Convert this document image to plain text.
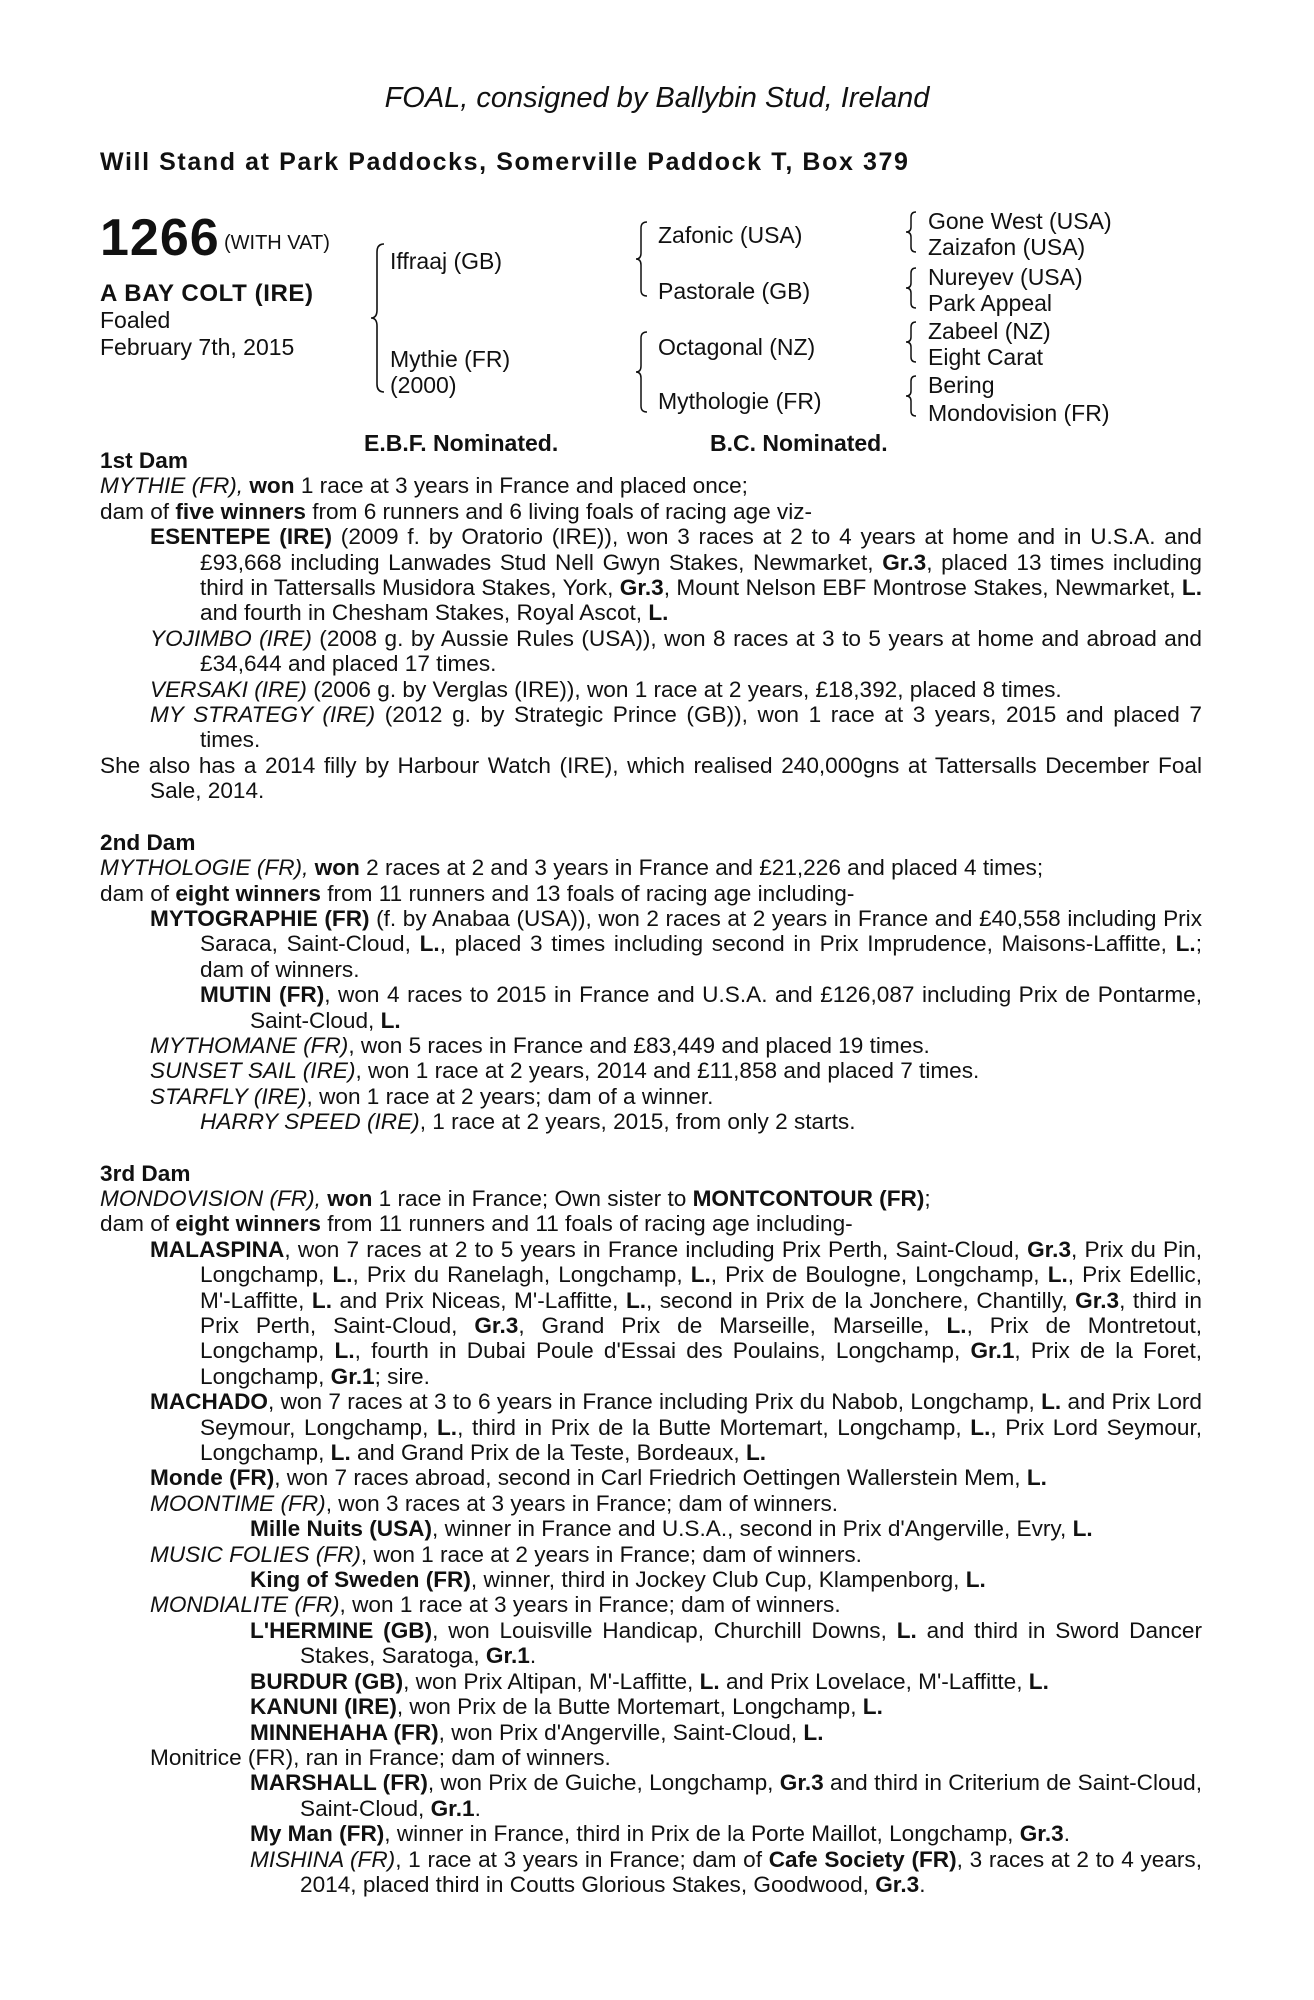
FOAL, consigned by Ballybin Stud, Ireland
Will Stand at Park Paddocks, Somerville Paddock T, Box 379
1266 (WITH VAT)
A BAY COLT (IRE)
Foaled
February 7th, 2015
Iffraaj (GB)
Mythie (FR)
(2000)
Zafonic (USA)
Pastorale (GB)
Octagonal (NZ)
Mythologie (FR)
Gone West (USA)
Zaizafon (USA)
Nureyev (USA)
Park Appeal
Zabeel (NZ)
Eight Carat
Bering
Mondovision (FR)
E.B.F. Nominated.	B.C. Nominated.

1st Dam

MYTHIE (FR), won 1 race at 3 years in France and placed once;

dam of five winners from 6 runners and 6 living foals of racing age viz-

ESENTEPE (IRE) (2009 f. by Oratorio (IRE)), won 3 races at 2 to 4 years at home and in U.S.A. and £93,668 including Lanwades Stud Nell Gwyn Stakes, Newmarket, Gr.3, placed 13 times including third in Tattersalls Musidora Stakes, York, Gr.3, Mount Nelson EBF Montrose Stakes, Newmarket, L. and fourth in Chesham Stakes, Royal Ascot, L.

YOJIMBO (IRE) (2008 g. by Aussie Rules (USA)), won 8 races at 3 to 5 years at home and abroad and £34,644 and placed 17 times.

VERSAKI (IRE) (2006 g. by Verglas (IRE)), won 1 race at 2 years, £18,392, placed 8 times.

MY STRATEGY (IRE) (2012 g. by Strategic Prince (GB)), won 1 race at 3 years, 2015 and placed 7 times.

She also has a 2014 filly by Harbour Watch (IRE), which realised 240,000gns at Tattersalls December Foal Sale, 2014.

2nd Dam

MYTHOLOGIE (FR), won 2 races at 2 and 3 years in France and £21,226 and placed 4 times;

dam of eight winners from 11 runners and 13 foals of racing age including-

MYTOGRAPHIE (FR) (f. by Anabaa (USA)), won 2 races at 2 years in France and £40,558 including Prix Saraca, Saint-Cloud, L., placed 3 times including second in Prix Imprudence, Maisons-Laffitte, L.; dam of winners.

MUTIN (FR), won 4 races to 2015 in France and U.S.A. and £126,087 including Prix de Pontarme, Saint-Cloud, L.

MYTHOMANE (FR), won 5 races in France and £83,449 and placed 19 times.

SUNSET SAIL (IRE), won 1 race at 2 years, 2014 and £11,858 and placed 7 times.

STARFLY (IRE), won 1 race at 2 years; dam of a winner.

HARRY SPEED (IRE), 1 race at 2 years, 2015, from only 2 starts.

3rd Dam

MONDOVISION (FR), won 1 race in France; Own sister to MONTCONTOUR (FR);

dam of eight winners from 11 runners and 11 foals of racing age including-

MALASPINA, won 7 races at 2 to 5 years in France including Prix Perth, Saint-Cloud, Gr.3, Prix du Pin, Longchamp, L., Prix du Ranelagh, Longchamp, L., Prix de Boulogne, Longchamp, L., Prix Edellic, M'-Laffitte, L. and Prix Niceas, M'-Laffitte, L., second in Prix de la Jonchere, Chantilly, Gr.3, third in Prix Perth, Saint-Cloud, Gr.3, Grand Prix de Marseille, Marseille, L., Prix de Montretout, Longchamp, L., fourth in Dubai Poule d'Essai des Poulains, Longchamp, Gr.1, Prix de la Foret, Longchamp, Gr.1; sire.

MACHADO, won 7 races at 3 to 6 years in France including Prix du Nabob, Longchamp, L. and Prix Lord Seymour, Longchamp, L., third in Prix de la Butte Mortemart, Longchamp, L., Prix Lord Seymour, Longchamp, L. and Grand Prix de la Teste, Bordeaux, L.

Monde (FR), won 7 races abroad, second in Carl Friedrich Oettingen Wallerstein Mem, L.

MOONTIME (FR), won 3 races at 3 years in France; dam of winners.

Mille Nuits (USA), winner in France and U.S.A., second in Prix d'Angerville, Evry, L.

MUSIC FOLIES (FR), won 1 race at 2 years in France; dam of winners.

King of Sweden (FR), winner, third in Jockey Club Cup, Klampenborg, L.

MONDIALITE (FR), won 1 race at 3 years in France; dam of winners.

L'HERMINE (GB), won Louisville Handicap, Churchill Downs, L. and third in Sword Dancer Stakes, Saratoga, Gr.1.

BURDUR (GB), won Prix Altipan, M'-Laffitte, L. and Prix Lovelace, M'-Laffitte, L.

KANUNI (IRE), won Prix de la Butte Mortemart, Longchamp, L.

MINNEHAHA (FR), won Prix d'Angerville, Saint-Cloud, L.

Monitrice (FR), ran in France; dam of winners.

MARSHALL (FR), won Prix de Guiche, Longchamp, Gr.3 and third in Criterium de Saint-Cloud, Saint-Cloud, Gr.1.

My Man (FR), winner in France, third in Prix de la Porte Maillot, Longchamp, Gr.3.

MISHINA (FR), 1 race at 3 years in France; dam of Cafe Society (FR), 3 races at 2 to 4 years, 2014, placed third in Coutts Glorious Stakes, Goodwood, Gr.3.
